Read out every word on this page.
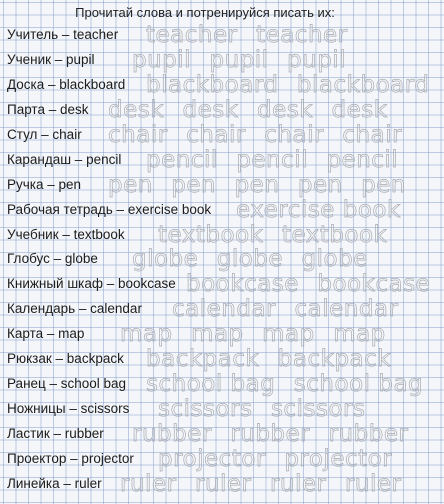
Прочитай слова и потренируйся писать их:
Учитель – teacher teacher teacher
Ученик – pupil pupil pupil pupil
Доска – blackboard blackboard blackboard
Парта – desk desk desk desk desk
Стул – chair chair chair chair chair
Карандаш – pencil pencil pencil pencil
Ручка – pen pen pen pen pen pen
Рабочая тетрадь – exercise book exercise book
Учебник – textbook textbook textbook
Глобус – globe globe globe globe
Книжный шкаф – bookcase bookcase bookcase
Календарь – calendar calendar calendar
Карта – map map map map map
Рюкзак – backpack backpack backpack
Ранец – school bag school bag school bag
Ножницы – scissors scissors scissors
Ластик – rubber rubber rubber rubber
Проектор – projector projector projector
Линейка – ruler ruler ruler ruler ruler
